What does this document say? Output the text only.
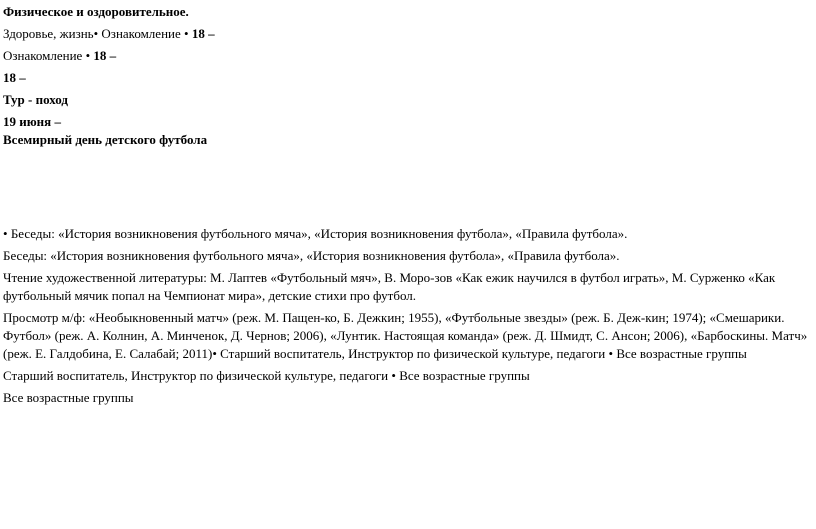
Физическое и оздоровительное.

Здоровье, жизнь• Ознакомление • 18 –

Ознакомление • 18 –

18 –

Тур - поход

19 июня –

Всемирный день детского футбола

• Беседы: «История возникновения футбольного мяча», «История возникновения футбола», «Правила футбола».

Беседы: «История возникновения футбольного мяча», «История возникновения футбола», «Правила футбола».

Чтение художественной литературы: М. Лаптев «Футбольный мяч», В. Моро-зов «Как ежик научился в футбол играть», М. Сурженко «Как футбольный мячик попал на Чемпионат мира», детские стихи про футбол.

Просмотр м/ф: «Необыкновенный матч» (реж. М. Пащен-ко, Б. Дежкин; 1955), «Футбольные звезды» (реж. Б. Деж-кин; 1974); «Смешарики. Футбол» (реж. А. Колнин, А. Минченок, Д. Чернов; 2006), «Лунтик. Настоящая команда» (реж. Д. Шмидт, С. Ансон; 2006), «Барбоскины. Матч» (реж. Е. Галдобина, Е. Салабай; 2011)• Старший воспитатель, Инструктор по физической культуре, педагоги • Все возрастные группы

Старший воспитатель, Инструктор по физической культуре, педагоги • Все возрастные группы

Все возрастные группы
